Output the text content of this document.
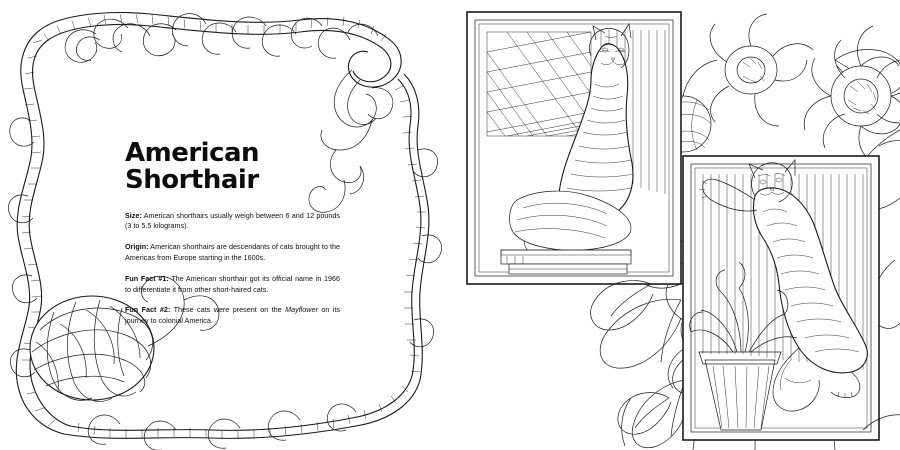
American Shorthair

Size: American shorthairs usually weigh between 6 and 12 pounds (3 to 5.5 kilograms).

Origin: American shorthairs are descendants of cats brought to the Americas from Europe starting in the 1600s.

Fun Fact #1: The American shorthair got its official name in 1966 to differentiate it from other short-haired cats.

Fun Fact #2: These cats were present on the Mayflower on its journey to colonial America.
